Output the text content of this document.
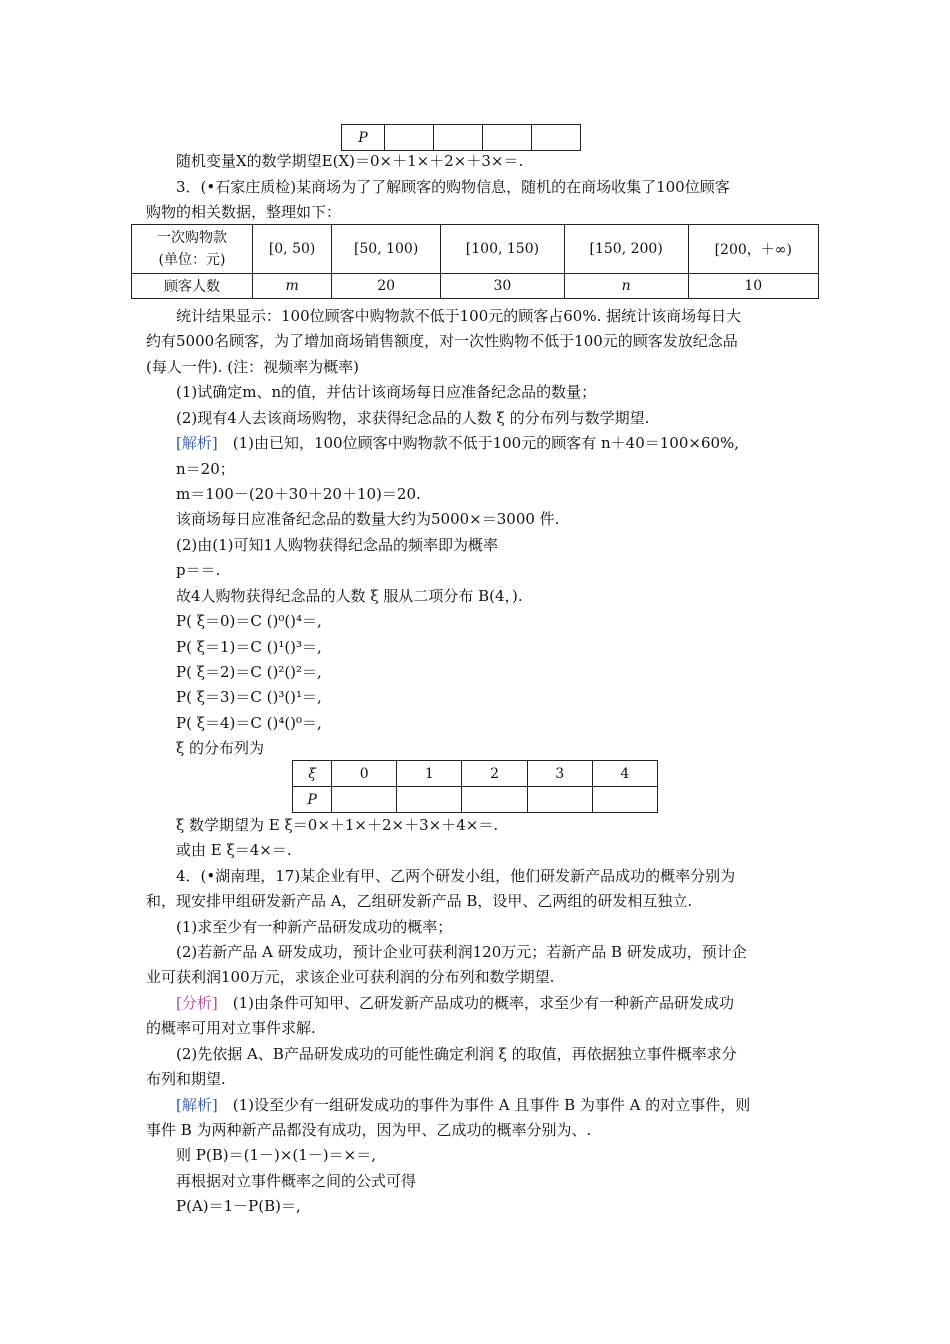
P				
随机变量X的数学期望E(X)＝0×＋1×＋2×＋3×＝.
3．(•石家庄质检)某商场为了了解顾客的购物信息，随机的在商场收集了100位顾客
购物的相关数据，整理如下：
一次购物款
(单位：元)	[0, 50)	[50, 100)	[100, 150)	[150, 200)	[200，＋∞)
顾客人数	m	20	30	n	10
统计结果显示：100位顾客中购物款不低于100元的顾客占60%. 据统计该商场每日大
约有5000名顾客，为了增加商场销售额度，对一次性购物不低于100元的顾客发放纪念品
(每人一件). (注：视频率为概率)
(1)试确定m、n的值，并估计该商场每日应准备纪念品的数量；
(2)现有4人去该商场购物，求获得纪念品的人数 ξ 的分布列与数学期望.
[解析]　(1)由已知，100位顾客中购物款不低于100元的顾客有 n＋40＝100×60%,
n＝20；
m＝100－(20＋30＋20＋10)＝20.
该商场每日应准备纪念品的数量大约为5000×＝3000 件.
(2)由(1)可知1人购物获得纪念品的频率即为概率
p＝＝.
故4人购物获得纪念品的人数 ξ 服从二项分布 B(4，).
P( ξ＝0)＝C ()⁰()⁴＝,
P( ξ＝1)＝C ()¹()³＝,
P( ξ＝2)＝C ()²()²＝,
P( ξ＝3)＝C ()³()¹＝,
P( ξ＝4)＝C ()⁴()⁰＝,
ξ 的分布列为
ξ	0	1	2	3	4
P					
ξ 数学期望为 E ξ＝0×＋1×＋2×＋3×＋4×＝.
或由 E ξ＝4×＝.
4．(•湖南理，17)某企业有甲、乙两个研发小组，他们研发新产品成功的概率分别为
和，现安排甲组研发新产品 A，乙组研发新产品 B，设甲、乙两组的研发相互独立.
(1)求至少有一种新产品研发成功的概率；
(2)若新产品 A 研发成功，预计企业可获利润120万元；若新产品 B 研发成功，预计企
业可获利润100万元，求该企业可获利润的分布列和数学期望.
[分析]　(1)由条件可知甲、乙研发新产品成功的概率，求至少有一种新产品研发成功
的概率可用对立事件求解.
(2)先依据 A、B产品研发成功的可能性确定利润 ξ 的取值，再依据独立事件概率求分
布列和期望.
[解析]　(1)设至少有一组研发成功的事件为事件 A 且事件 B 为事件 A 的对立事件，则
事件 B 为两种新产品都没有成功，因为甲、乙成功的概率分别为、.
则 P(B)＝(1－)×(1－)＝×＝,
再根据对立事件概率之间的公式可得
P(A)＝1－P(B)＝,
